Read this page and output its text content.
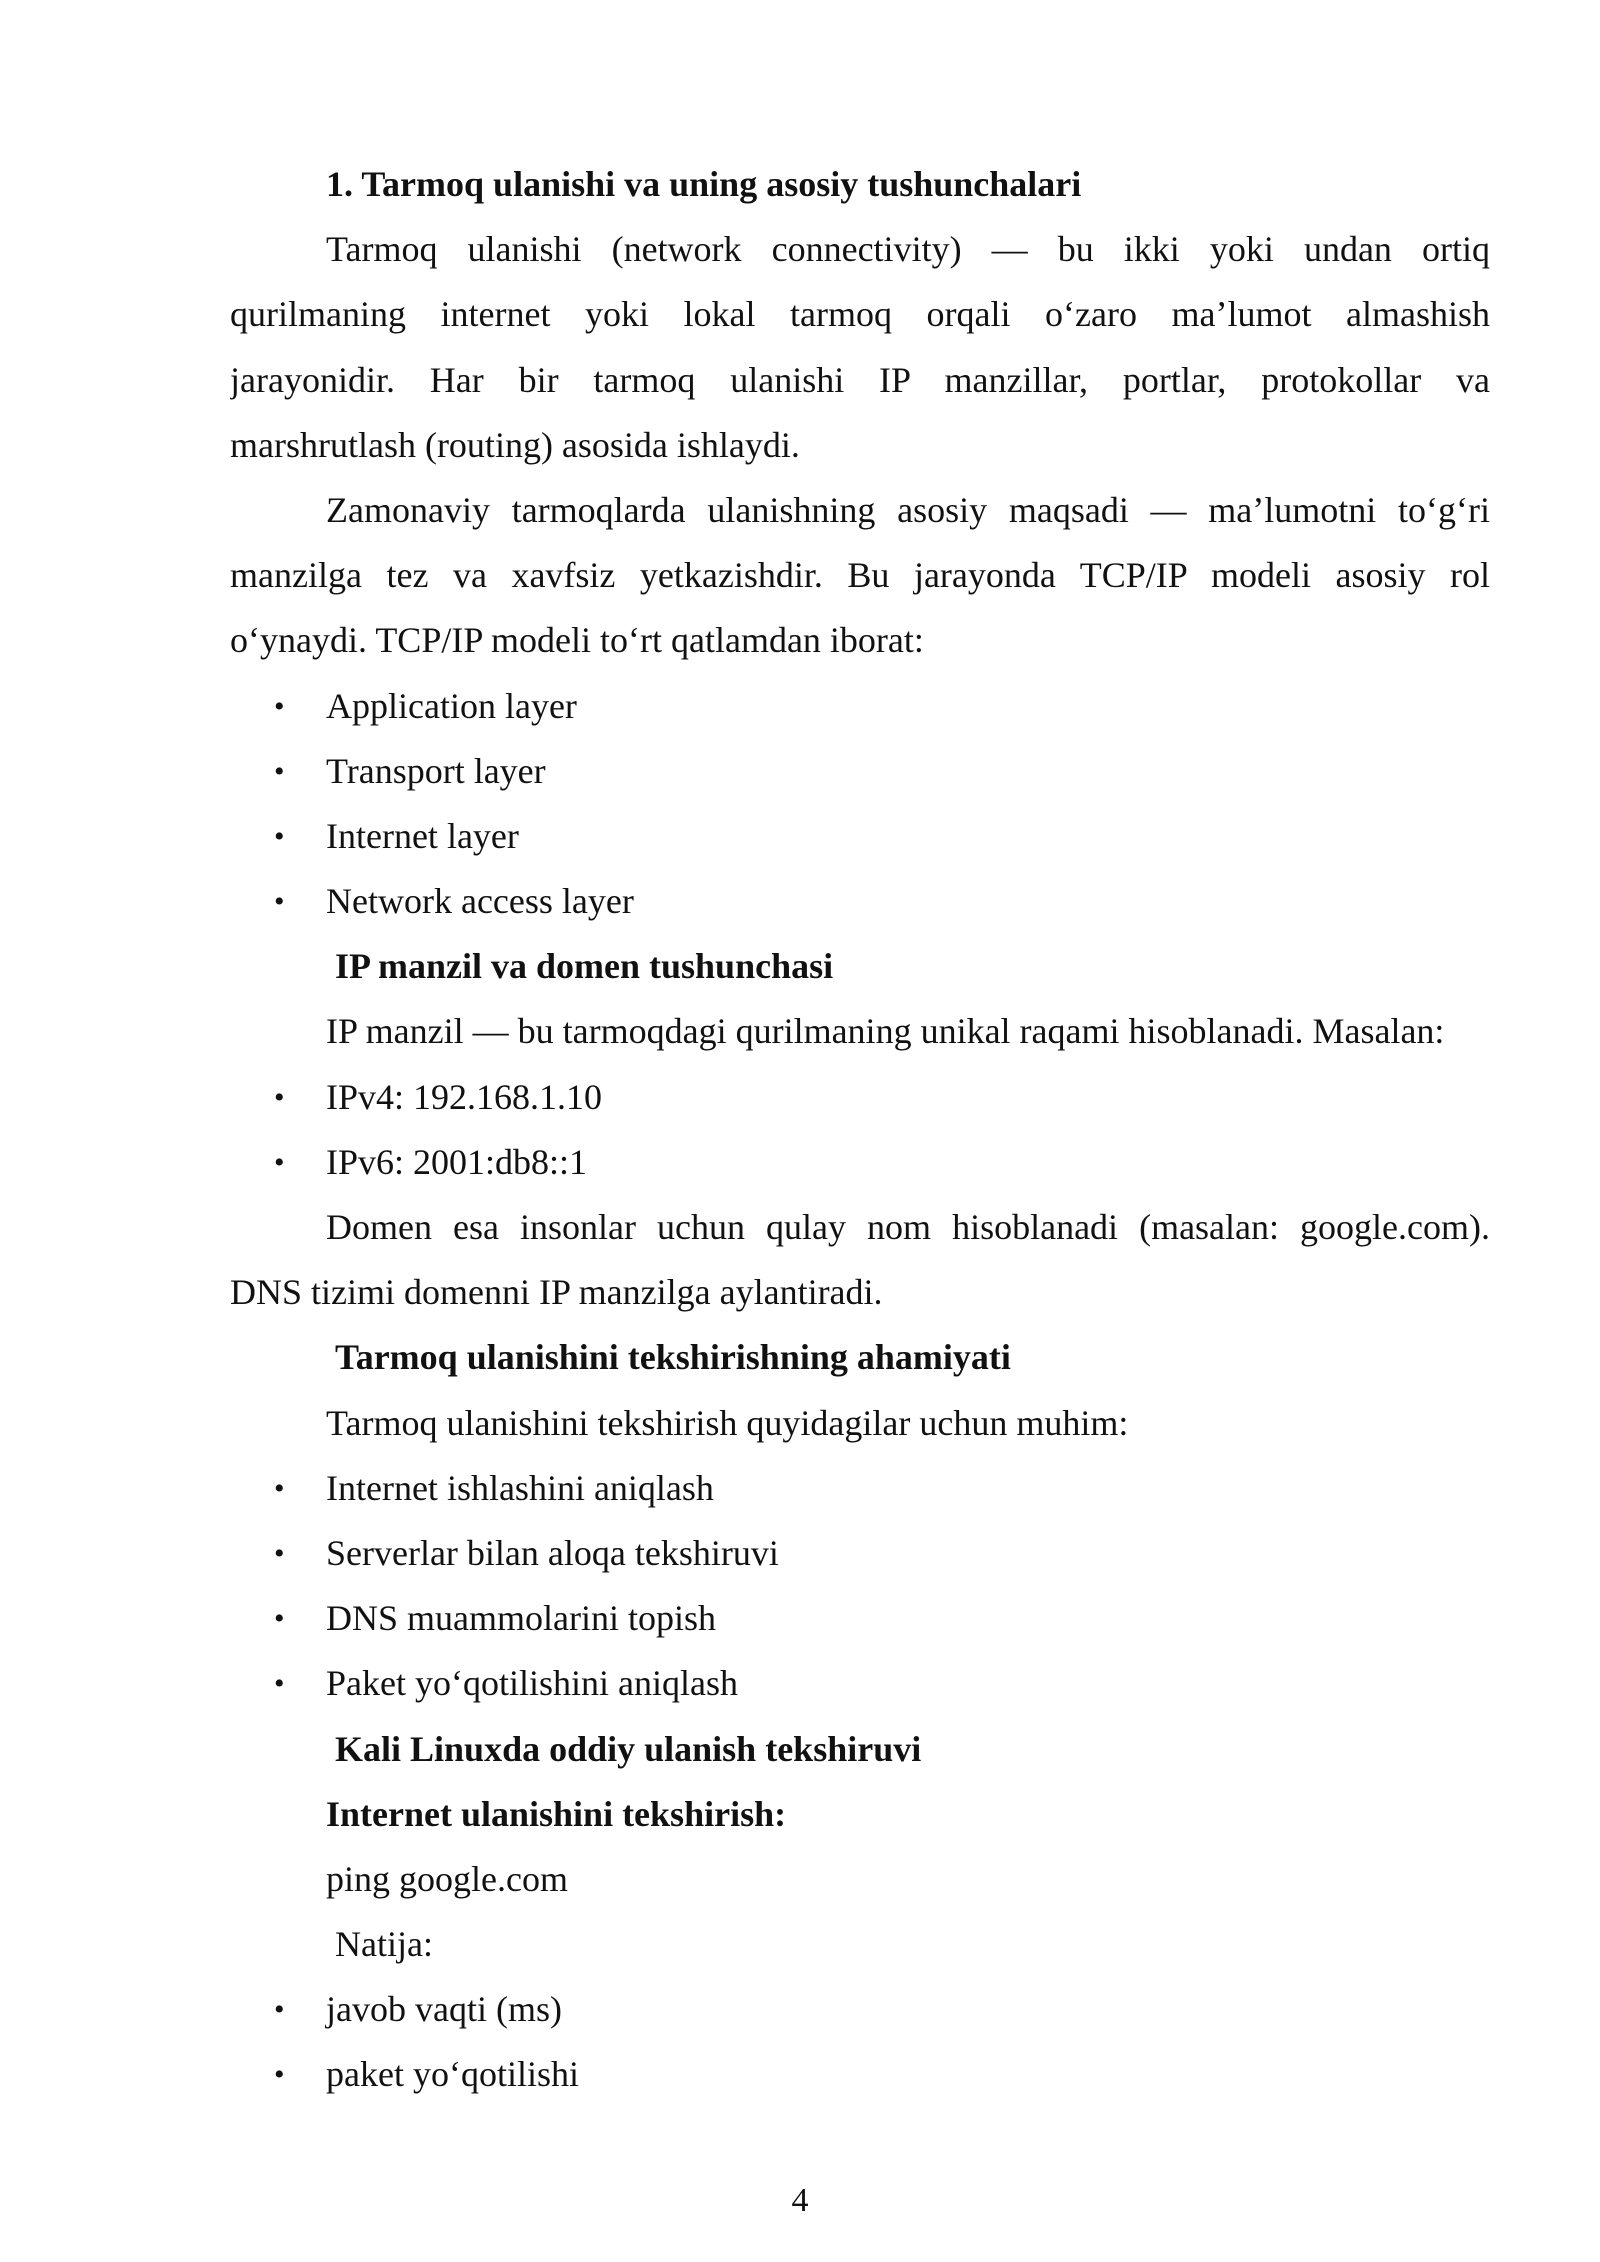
1. Tarmoq ulanishi va uning asosiy tushunchalari
Tarmoq ulanishi (network connectivity) — bu ikki yoki undan ortiq
qurilmaning internet yoki lokal tarmoq orqali oʻzaro maʼlumot almashish
jarayonidir. Har bir tarmoq ulanishi IP manzillar, portlar, protokollar va
marshrutlash (routing) asosida ishlaydi.
Zamonaviy tarmoqlarda ulanishning asosiy maqsadi — maʼlumotni toʻgʻri
manzilga tez va xavfsiz yetkazishdir. Bu jarayonda TCP/IP modeli asosiy rol
oʻynaydi. TCP/IP modeli toʻrt qatlamdan iborat:
• Application layer
• Transport layer
• Internet layer
• Network access layer
IP manzil va domen tushunchasi
IP manzil — bu tarmoqdagi qurilmaning unikal raqami hisoblanadi. Masalan:
• IPv4: 192.168.1.10
• IPv6: 2001:db8::1
Domen esa insonlar uchun qulay nom hisoblanadi (masalan: google.com).
DNS tizimi domenni IP manzilga aylantiradi.
Tarmoq ulanishini tekshirishning ahamiyati
Tarmoq ulanishini tekshirish quyidagilar uchun muhim:
• Internet ishlashini aniqlash
• Serverlar bilan aloqa tekshiruvi
• DNS muammolarini topish
• Paket yoʻqotilishini aniqlash
Kali Linuxda oddiy ulanish tekshiruvi
Internet ulanishini tekshirish:
ping google.com
Natija:
• javob vaqti (ms)
• paket yoʻqotilishi
4
